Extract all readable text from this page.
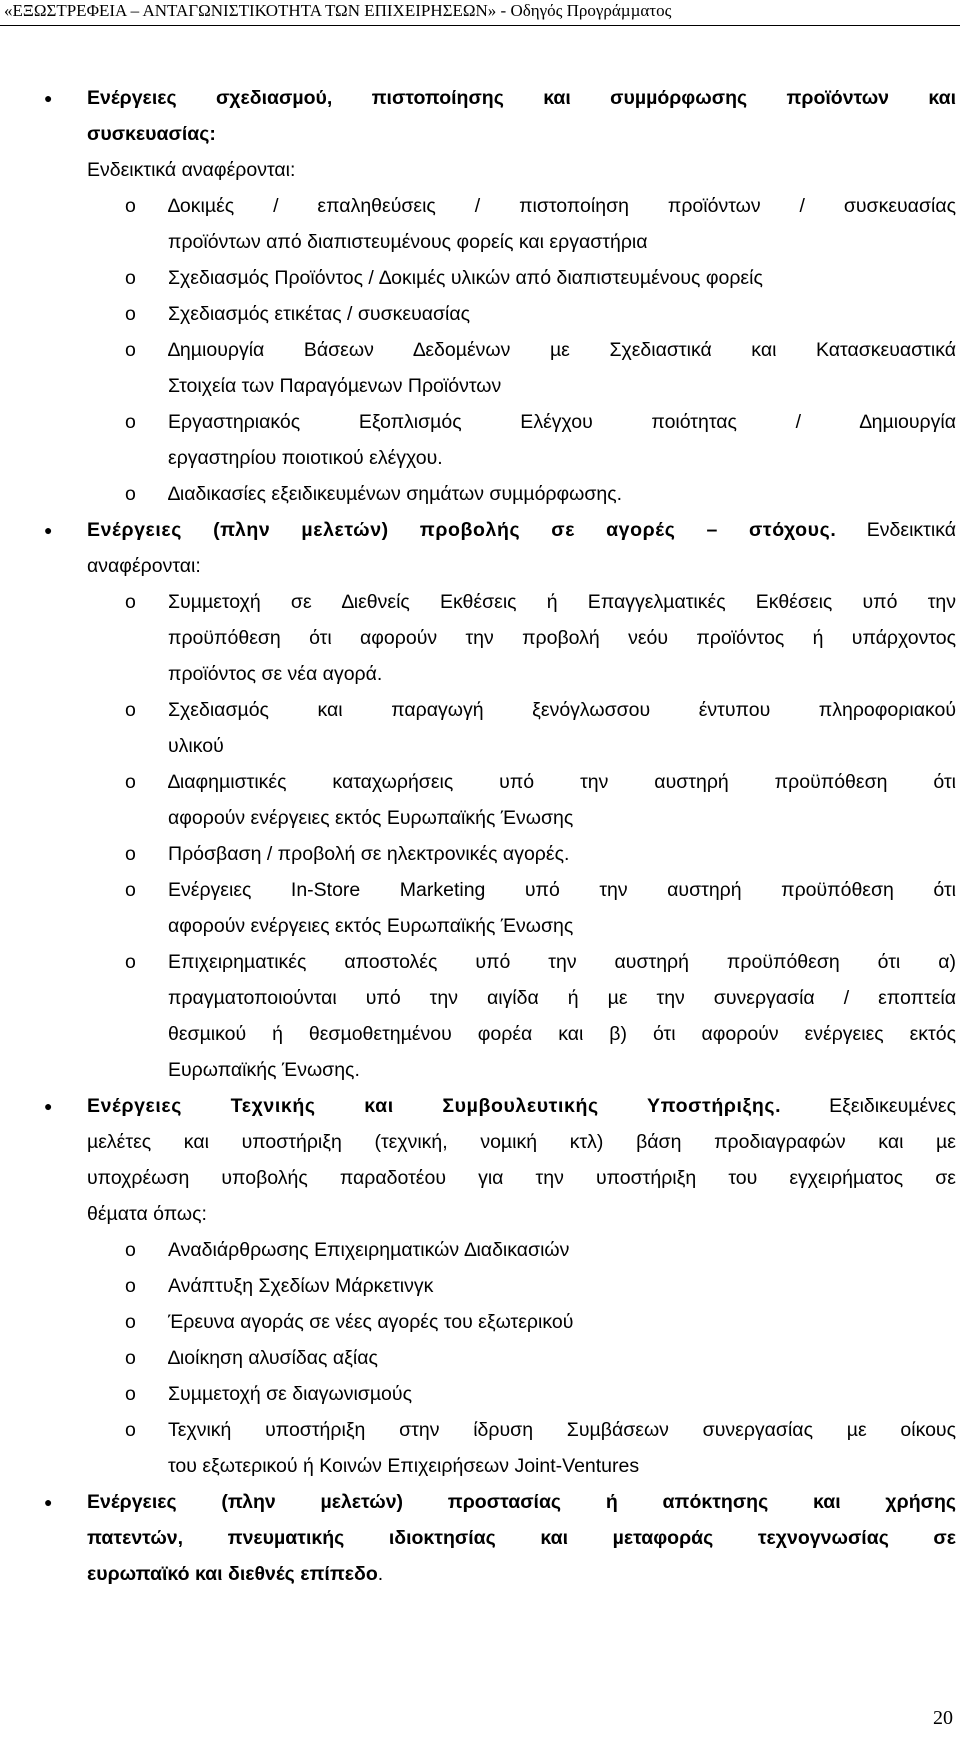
«ΕΞΩΣΤΡΕΦΕΙΑ – ΑΝΤΑΓΩΝΙΣΤΙΚΟΤΗΤΑ ΤΩΝ ΕΠΙΧΕΙΡΗΣΕΩΝ» - Οδηγός Προγράµµατος
● Ενέργειες σχεδιασµού, πιστοποίησης και συµµόρφωσης προϊόντων και
συσκευασίας:
Ενδεικτικά αναφέρονται:
o ∆οκιµές / επαληθεύσεις / πιστοποίηση προϊόντων / συσκευασίας
προϊόντων από διαπιστευµένους φορείς και εργαστήρια
o Σχεδιασµός Προϊόντος / ∆οκιµές υλικών από διαπιστευµένους φορείς
o Σχεδιασµός ετικέτας / συσκευασίας
o ∆ηµιουργία Βάσεων ∆εδοµένων µε Σχεδιαστικά και Κατασκευαστικά
Στοιχεία των Παραγόµενων Προϊόντων
o Εργαστηριακός Εξοπλισµός Ελέγχου ποιότητας / ∆ηµιουργία
εργαστηρίου ποιοτικού ελέγχου.
o ∆ιαδικασίες εξειδικευµένων σηµάτων συµµόρφωσης.
● Ενέργειες (πλην µελετών) προβολής σε αγορές – στόχους. Ενδεικτικά
αναφέρονται:
o Συµµετοχή σε ∆ιεθνείς Εκθέσεις ή Επαγγελµατικές Εκθέσεις υπό την
προϋπόθεση ότι αφορούν την προβολή νεόυ προϊόντος ή υπάρχοντος
προϊόντος σε νέα αγορά.
o Σχεδιασµός και παραγωγή ξενόγλωσσου έντυπου πληροφοριακού
υλικού
o ∆ιαφηµιστικές καταχωρήσεις υπό την αυστηρή προϋπόθεση ότι
αφορούν ενέργειες εκτός Ευρωπαϊκής Ένωσης
o Πρόσβαση / προβολή σε ηλεκτρονικές αγορές.
o Ενέργειες In-Store Marketing υπό την αυστηρή προϋπόθεση ότι
αφορούν ενέργειες εκτός Ευρωπαϊκής Ένωσης
o Επιχειρηµατικές αποστολές υπό την αυστηρή προϋπόθεση ότι α)
πραγµατοποιούνται υπό την αιγίδα ή µε την συνεργασία / εποπτεία
θεσµικού ή θεσµοθετηµένου φορέα και β) ότι αφορούν ενέργειες εκτός
Ευρωπαϊκής Ένωσης.
● Ενέργειες Τεχνικής και Συµβουλευτικής Υποστήριξης. Εξειδικευµένες
µελέτες και υποστήριξη (τεχνική, νοµική κτλ) βάση προδιαγραφών και µε
υποχρέωση υποβολής παραδοτέου για την υποστήριξη του εγχειρήµατος σε
θέµατα όπως:
o Αναδιάρθρωσης Επιχειρηµατικών ∆ιαδικασιών
o Ανάπτυξη Σχεδίων Μάρκετινγκ
o Έρευνα αγοράς σε νέες αγορές του εξωτερικού
o ∆ιοίκηση αλυσίδας αξίας
o Συµµετοχή σε διαγωνισµούς
o Τεχνική υποστήριξη στην ίδρυση Συµβάσεων συνεργασίας µε οίκους
του εξωτερικού ή Κοινών Επιχειρήσεων Joint-Ventures
● Ενέργειες (πλην µελετών) προστασίας ή απόκτησης και χρήσης
πατεντών, πνευµατικής ιδιοκτησίας και µεταφοράς τεχνογνωσίας σε
ευρωπαϊκό και διεθνές επίπεδο.
20
